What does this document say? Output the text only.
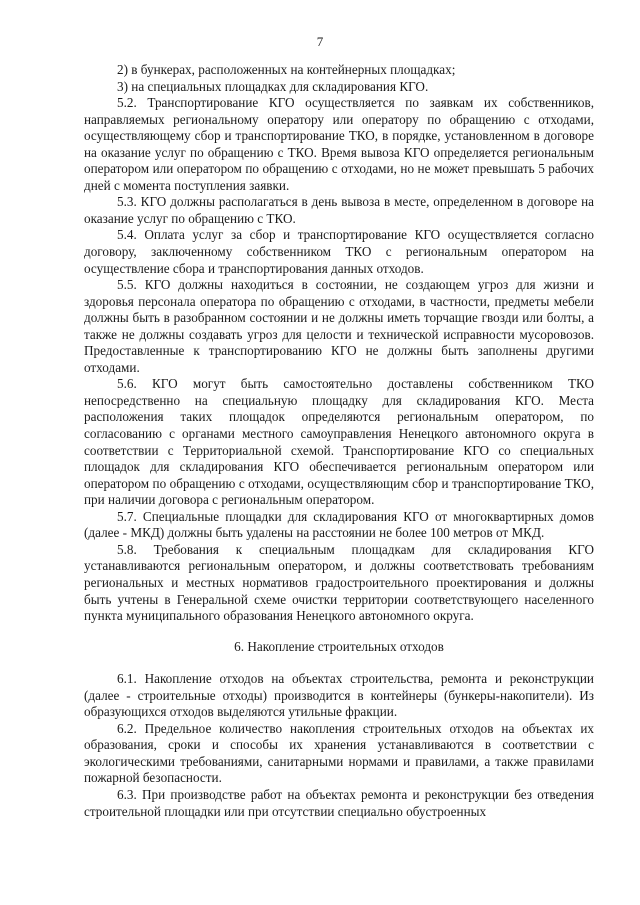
7

2) в бункерах, расположенных на контейнерных площадках;

3) на специальных площадках для складирования КГО.

5.2. Транспортирование КГО осуществляется по заявкам их собственников, направляемых региональному оператору или оператору по обращению с отходами, осуществляющему сбор и транспортирование ТКО, в порядке, установленном в договоре на оказание услуг по обращению с ТКО. Время вывоза КГО определяется региональным оператором или оператором по обращению с отходами, но не может превышать 5 рабочих дней с момента поступления заявки.

5.3. КГО должны располагаться в день вывоза в месте, определенном в договоре на оказание услуг по обращению с ТКО.

5.4. Оплата услуг за сбор и транспортирование КГО осуществляется согласно договору, заключенному собственником ТКО с региональным оператором на осуществление сбора и транспортирования данных отходов.

5.5. КГО должны находиться в состоянии, не создающем угроз для жизни и здоровья персонала оператора по обращению с отходами, в частности, предметы мебели должны быть в разобранном состоянии и не должны иметь торчащие гвозди или болты, а также не должны создавать угроз для целости и технической исправности мусоровозов. Предоставленные к транспортированию КГО не должны быть заполнены другими отходами.

5.6. КГО могут быть самостоятельно доставлены собственником ТКО непосредственно на специальную площадку для складирования КГО. Места расположения таких площадок определяются региональным оператором, по согласованию с органами местного самоуправления Ненецкого автономного округа в соответствии с Территориальной схемой. Транспортирование КГО со специальных площадок для складирования КГО обеспечивается региональным оператором или оператором по обращению с отходами, осуществляющим сбор и транспортирование ТКО, при наличии договора с региональным оператором.

5.7. Специальные площадки для складирования КГО от многоквартирных домов (далее - МКД) должны быть удалены на расстоянии не более 100 метров от МКД.

5.8. Требования к специальным площадкам для складирования КГО устанавливаются региональным оператором, и должны соответствовать требованиям региональных и местных нормативов градостроительного проектирования и должны быть учтены в Генеральной схеме очистки территории соответствующего населенного пункта муниципального образования Ненецкого автономного округа.

6. Накопление строительных отходов

6.1. Накопление отходов на объектах строительства, ремонта и реконструкции (далее - строительные отходы) производится в контейнеры (бункеры-накопители). Из образующихся отходов выделяются утильные фракции.

6.2. Предельное количество накопления строительных отходов на объектах их образования, сроки и способы их хранения устанавливаются в соответствии с экологическими требованиями, санитарными нормами и правилами, а также правилами пожарной безопасности.

6.3. При производстве работ на объектах ремонта и реконструкции без отведения строительной площадки или при отсутствии специально обустроенных
